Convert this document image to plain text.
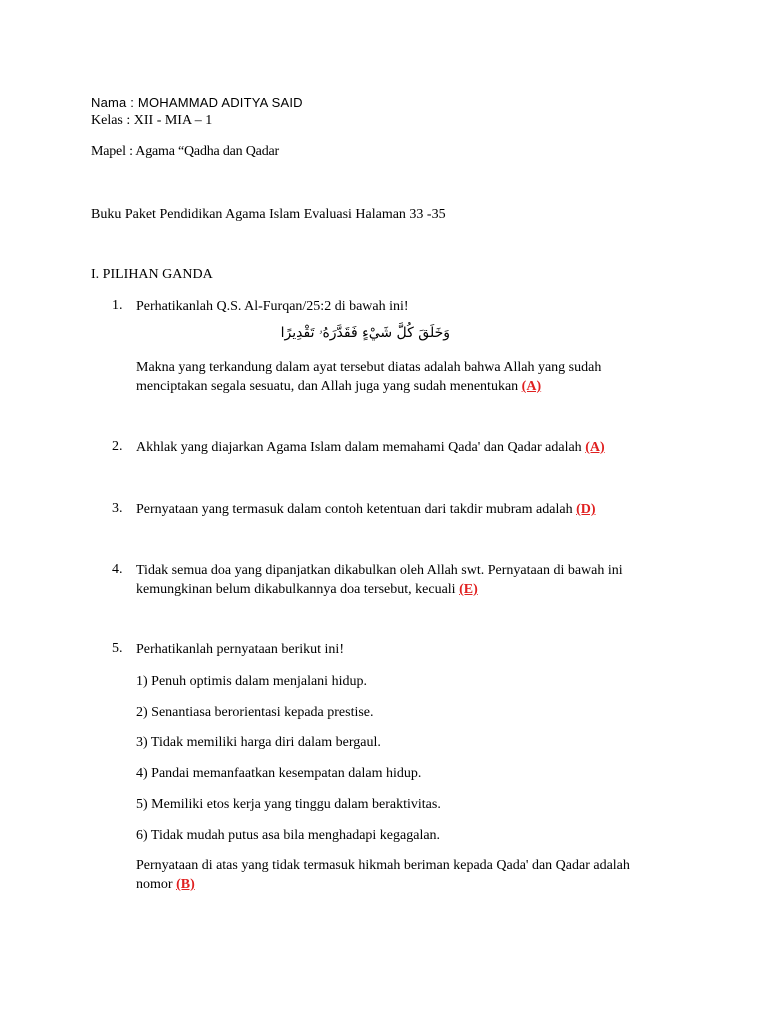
Nama : MOHAMMAD ADITYA SAID
Kelas : XII - MIA – 1
Mapel : Agama “Qadha dan Qadar
Buku Paket Pendidikan Agama Islam Evaluasi Halaman 33 -35
I. PILIHAN GANDA
1. Perhatikanlah Q.S. Al-Furqan/25:2 di bawah ini!
وَخَلَقَ كُلَّ شَيْءٍ فَقَدَّرَهُۥ تَقْدِيرًا
Makna yang terkandung dalam ayat tersebut diatas adalah bahwa Allah yang sudah
menciptakan segala sesuatu, dan Allah juga yang sudah menentukan (A)
2. Akhlak yang diajarkan Agama Islam dalam memahami Qada' dan Qadar adalah (A)
3. Pernyataan yang termasuk dalam contoh ketentuan dari takdir mubram adalah (D)
4. Tidak semua doa yang dipanjatkan dikabulkan oleh Allah swt. Pernyataan di bawah ini
kemungkinan belum dikabulkannya doa tersebut, kecuali (E)
5. Perhatikanlah pernyataan berikut ini!
1) Penuh optimis dalam menjalani hidup.
2) Senantiasa berorientasi kepada prestise.
3) Tidak memiliki harga diri dalam bergaul.
4) Pandai memanfaatkan kesempatan dalam hidup.
5) Memiliki etos kerja yang tinggu dalam beraktivitas.
6) Tidak mudah putus asa bila menghadapi kegagalan.
Pernyataan di atas yang tidak termasuk hikmah beriman kepada Qada' dan Qadar adalah
nomor (B)
